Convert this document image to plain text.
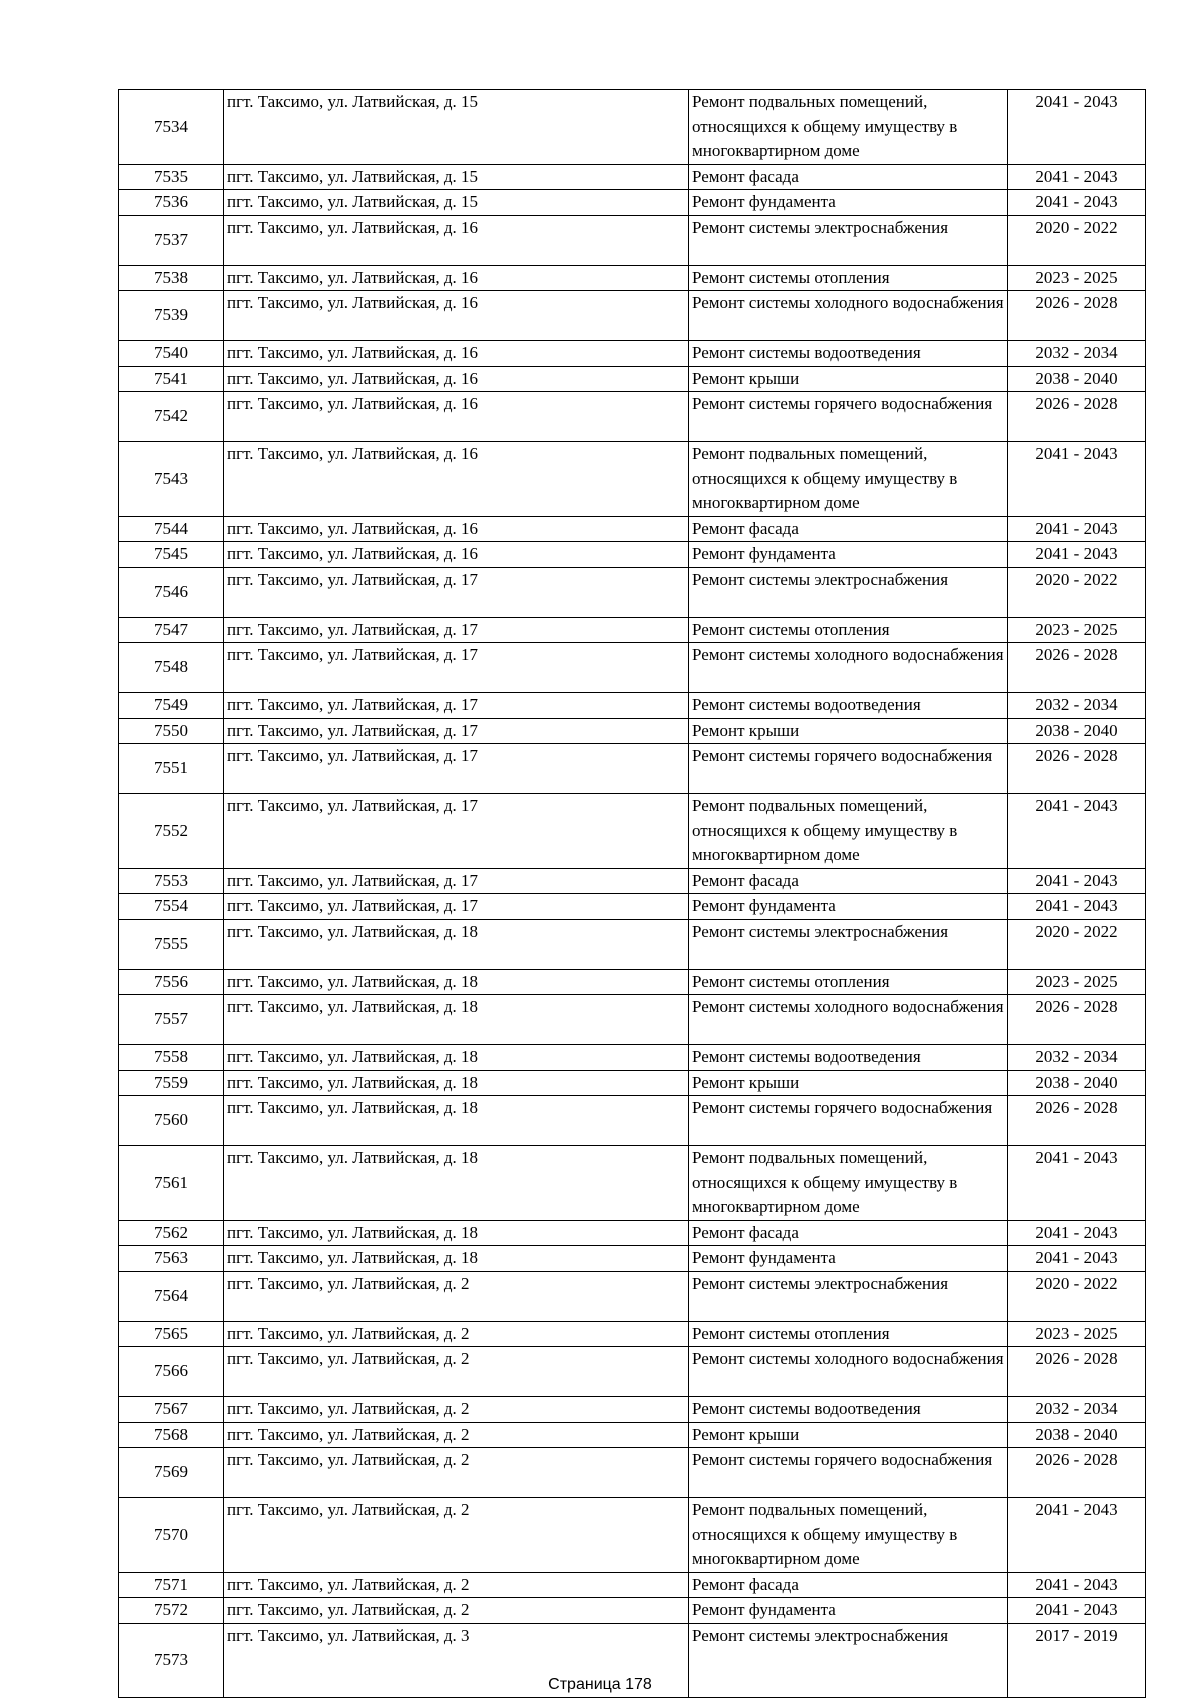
7534	пгт. Таксимо, ул. Латвийская, д. 15	Ремонт подвальных помещений, относящихся к общему имуществу в многоквартирном доме	2041 - 2043
7535	пгт. Таксимо, ул. Латвийская, д. 15	Ремонт фасада	2041 - 2043
7536	пгт. Таксимо, ул. Латвийская, д. 15	Ремонт фундамента	2041 - 2043
7537	пгт. Таксимо, ул. Латвийская, д. 16	Ремонт системы электроснабжения	2020 - 2022
7538	пгт. Таксимо, ул. Латвийская, д. 16	Ремонт системы отопления	2023 - 2025
7539	пгт. Таксимо, ул. Латвийская, д. 16	Ремонт системы холодного водоснабжения	2026 - 2028
7540	пгт. Таксимо, ул. Латвийская, д. 16	Ремонт системы водоотведения	2032 - 2034
7541	пгт. Таксимо, ул. Латвийская, д. 16	Ремонт крыши	2038 - 2040
7542	пгт. Таксимо, ул. Латвийская, д. 16	Ремонт системы горячего водоснабжения	2026 - 2028
7543	пгт. Таксимо, ул. Латвийская, д. 16	Ремонт подвальных помещений, относящихся к общему имуществу в многоквартирном доме	2041 - 2043
7544	пгт. Таксимо, ул. Латвийская, д. 16	Ремонт фасада	2041 - 2043
7545	пгт. Таксимо, ул. Латвийская, д. 16	Ремонт фундамента	2041 - 2043
7546	пгт. Таксимо, ул. Латвийская, д. 17	Ремонт системы электроснабжения	2020 - 2022
7547	пгт. Таксимо, ул. Латвийская, д. 17	Ремонт системы отопления	2023 - 2025
7548	пгт. Таксимо, ул. Латвийская, д. 17	Ремонт системы холодного водоснабжения	2026 - 2028
7549	пгт. Таксимо, ул. Латвийская, д. 17	Ремонт системы водоотведения	2032 - 2034
7550	пгт. Таксимо, ул. Латвийская, д. 17	Ремонт крыши	2038 - 2040
7551	пгт. Таксимо, ул. Латвийская, д. 17	Ремонт системы горячего водоснабжения	2026 - 2028
7552	пгт. Таксимо, ул. Латвийская, д. 17	Ремонт подвальных помещений, относящихся к общему имуществу в многоквартирном доме	2041 - 2043
7553	пгт. Таксимо, ул. Латвийская, д. 17	Ремонт фасада	2041 - 2043
7554	пгт. Таксимо, ул. Латвийская, д. 17	Ремонт фундамента	2041 - 2043
7555	пгт. Таксимо, ул. Латвийская, д. 18	Ремонт системы электроснабжения	2020 - 2022
7556	пгт. Таксимо, ул. Латвийская, д. 18	Ремонт системы отопления	2023 - 2025
7557	пгт. Таксимо, ул. Латвийская, д. 18	Ремонт системы холодного водоснабжения	2026 - 2028
7558	пгт. Таксимо, ул. Латвийская, д. 18	Ремонт системы водоотведения	2032 - 2034
7559	пгт. Таксимо, ул. Латвийская, д. 18	Ремонт крыши	2038 - 2040
7560	пгт. Таксимо, ул. Латвийская, д. 18	Ремонт системы горячего водоснабжения	2026 - 2028
7561	пгт. Таксимо, ул. Латвийская, д. 18	Ремонт подвальных помещений, относящихся к общему имуществу в многоквартирном доме	2041 - 2043
7562	пгт. Таксимо, ул. Латвийская, д. 18	Ремонт фасада	2041 - 2043
7563	пгт. Таксимо, ул. Латвийская, д. 18	Ремонт фундамента	2041 - 2043
7564	пгт. Таксимо, ул. Латвийская, д. 2	Ремонт системы электроснабжения	2020 - 2022
7565	пгт. Таксимо, ул. Латвийская, д. 2	Ремонт системы отопления	2023 - 2025
7566	пгт. Таксимо, ул. Латвийская, д. 2	Ремонт системы холодного водоснабжения	2026 - 2028
7567	пгт. Таксимо, ул. Латвийская, д. 2	Ремонт системы водоотведения	2032 - 2034
7568	пгт. Таксимо, ул. Латвийская, д. 2	Ремонт крыши	2038 - 2040
7569	пгт. Таксимо, ул. Латвийская, д. 2	Ремонт системы горячего водоснабжения	2026 - 2028
7570	пгт. Таксимо, ул. Латвийская, д. 2	Ремонт подвальных помещений, относящихся к общему имуществу в многоквартирном доме	2041 - 2043
7571	пгт. Таксимо, ул. Латвийская, д. 2	Ремонт фасада	2041 - 2043
7572	пгт. Таксимо, ул. Латвийская, д. 2	Ремонт фундамента	2041 - 2043
7573	пгт. Таксимо, ул. Латвийская, д. 3	Ремонт системы электроснабжения	2017 - 2019
Страница 178
